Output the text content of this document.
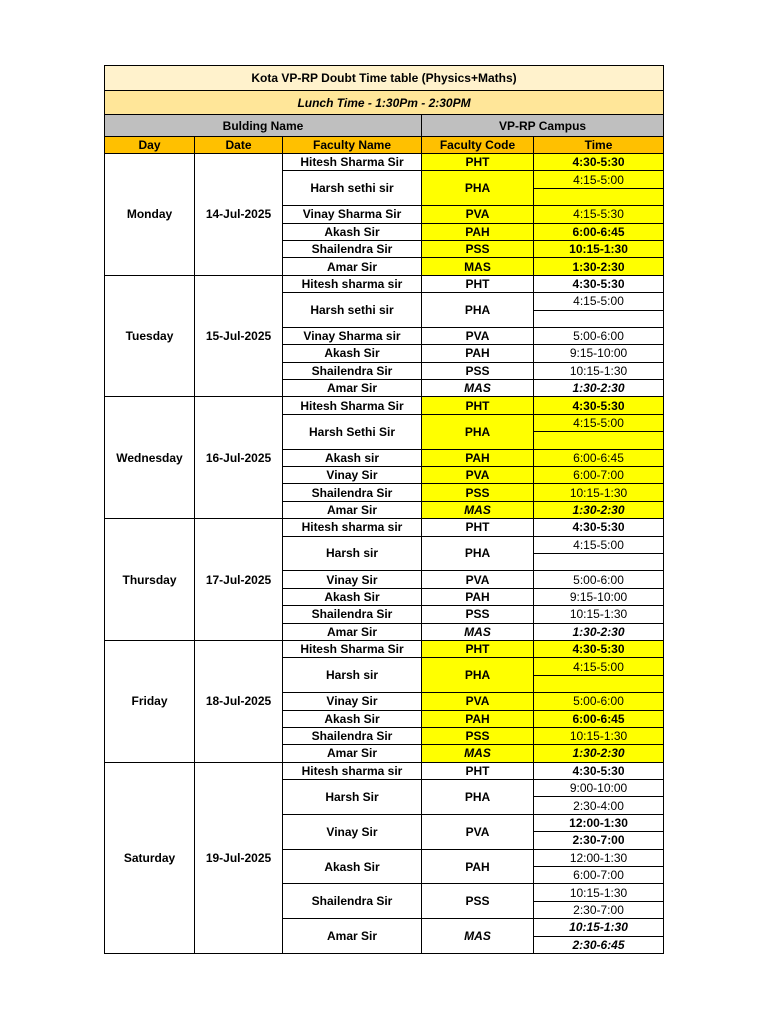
Kota VP-RP Doubt Time table (Physics+Maths)				
Lunch Time - 1:30Pm - 2:30PM				
Bulding Name			VP-RP Campus	
Day	Date	Faculty Name	Faculty Code	Time
Monday	14-Jul-2025	Hitesh Sharma Sir	PHT	4:30-5:30
		Harsh sethi sir	PHA	4:15-5:00

		Vinay Sharma Sir	PVA	4:15-5:30
		Akash Sir	PAH	6:00-6:45
		Shailendra Sir	PSS	10:15-1:30
		Amar Sir	MAS	1:30-2:30
Tuesday	15-Jul-2025	Hitesh sharma sir	PHT	4:30-5:30
		Harsh sethi sir	PHA	4:15-5:00

		Vinay Sharma sir	PVA	5:00-6:00
		Akash Sir	PAH	9:15-10:00
		Shailendra Sir	PSS	10:15-1:30
		Amar Sir	MAS	1:30-2:30
Wednesday	16-Jul-2025	Hitesh Sharma Sir	PHT	4:30-5:30
		Harsh Sethi Sir	PHA	4:15-5:00

		Akash sir	PAH	6:00-6:45
		Vinay Sir	PVA	6:00-7:00
		Shailendra Sir	PSS	10:15-1:30
		Amar Sir	MAS	1:30-2:30
Thursday	17-Jul-2025	Hitesh sharma sir	PHT	4:30-5:30
		Harsh sir	PHA	4:15-5:00

		Vinay Sir	PVA	5:00-6:00
		Akash Sir	PAH	9:15-10:00
		Shailendra Sir	PSS	10:15-1:30
		Amar Sir	MAS	1:30-2:30
Friday	18-Jul-2025	Hitesh Sharma Sir	PHT	4:30-5:30
		Harsh sir	PHA	4:15-5:00

		Vinay Sir	PVA	5:00-6:00
		Akash Sir	PAH	6:00-6:45
		Shailendra Sir	PSS	10:15-1:30
		Amar Sir	MAS	1:30-2:30
Saturday	19-Jul-2025	Hitesh sharma sir	PHT	4:30-5:30
		Harsh Sir	PHA	9:00-10:00
				2:30-4:00
		Vinay Sir	PVA	12:00-1:30
				2:30-7:00
		Akash Sir	PAH	12:00-1:30
				6:00-7:00
		Shailendra Sir	PSS	10:15-1:30
				2:30-7:00
		Amar Sir	MAS	10:15-1:30
				2:30-6:45
